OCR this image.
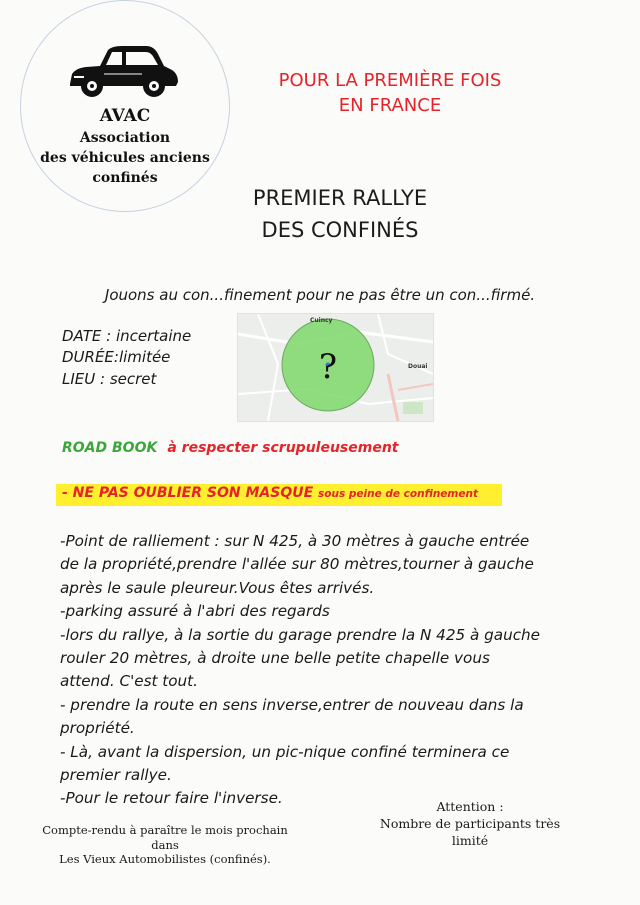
AVAC
Association
des véhicules anciens
confinés
POUR LA PREMIÈRE FOIS
EN FRANCE
PREMIER RALLYE
DES CONFINÉS
Jouons au con...finement pour ne pas être un con...firmé.
DATE : incertaine
DURÉE:limitée
LIEU : secret	?
Cuincy
Douai
ROAD BOOK à respecter scrupuleusement
- NE PAS OUBLIER SON MASQUE sous peine de confinement

-Point de ralliement : sur N 425, à 30 mètres à gauche entrée

de la propriété,prendre l'allée sur 80 mètres,tourner à gauche

après le saule pleureur.Vous êtes arrivés.

-parking assuré à l'abri des regards

-lors du rallye, à la sortie du garage prendre la N 425 à gauche

rouler 20 mètres, à droite une belle petite chapelle vous

attend. C'est tout.

- prendre la route en sens inverse,entrer de nouveau dans la

propriété.

- Là, avant la dispersion, un pic-nique confiné terminera ce

premier rallye.

-Pour le retour faire l'inverse.

Compte-rendu à paraître le mois prochain
dans
Les Vieux Automobilistes (confinés).
Attention :
Nombre de participants très
limité
